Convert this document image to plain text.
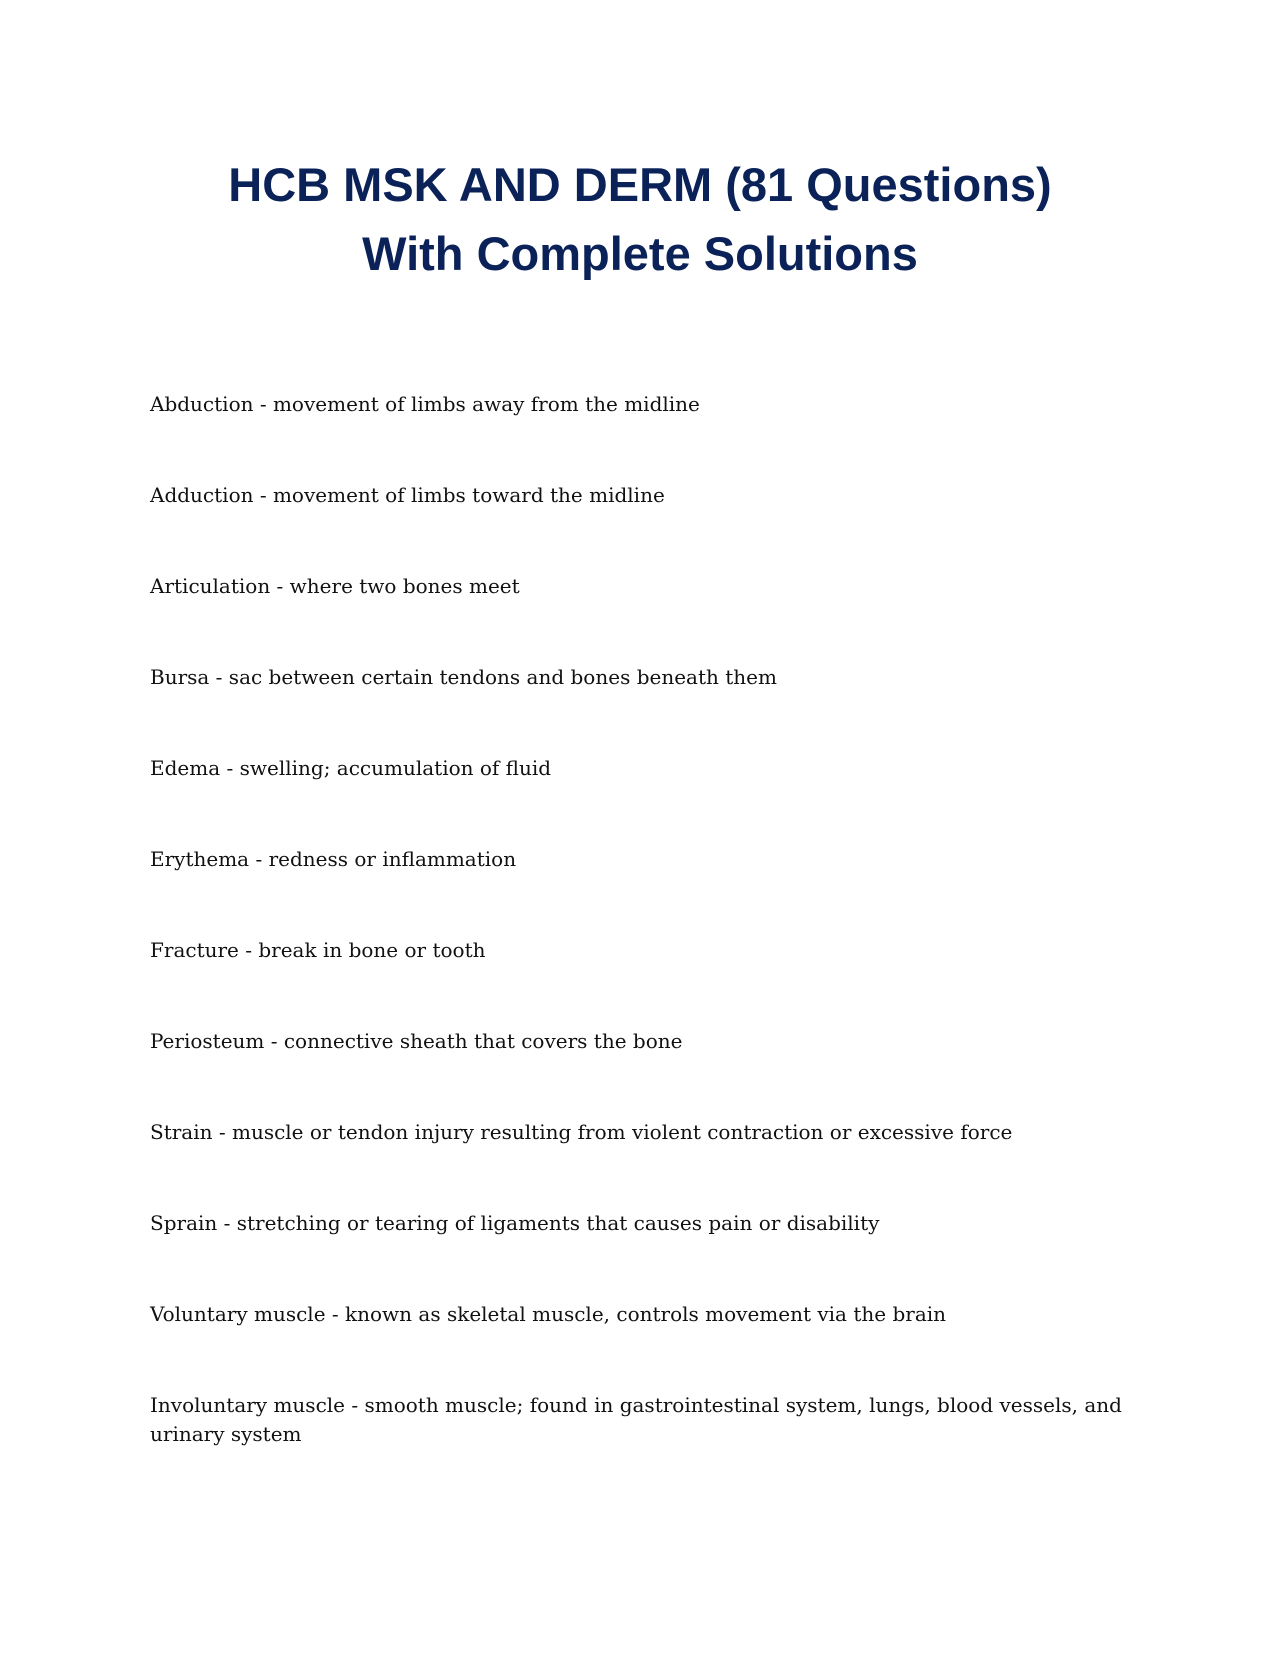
HCB MSK AND DERM (81 Questions)
With Complete Solutions
Abduction - movement of limbs away from the midline
Adduction - movement of limbs toward the midline
Articulation - where two bones meet
Bursa - sac between certain tendons and bones beneath them
Edema - swelling; accumulation of fluid
Erythema - redness or inflammation
Fracture - break in bone or tooth
Periosteum - connective sheath that covers the bone
Strain - muscle or tendon injury resulting from violent contraction or excessive force
Sprain - stretching or tearing of ligaments that causes pain or disability
Voluntary muscle - known as skeletal muscle, controls movement via the brain
Involuntary muscle - smooth muscle; found in gastrointestinal system, lungs, blood vessels, and urinary system
